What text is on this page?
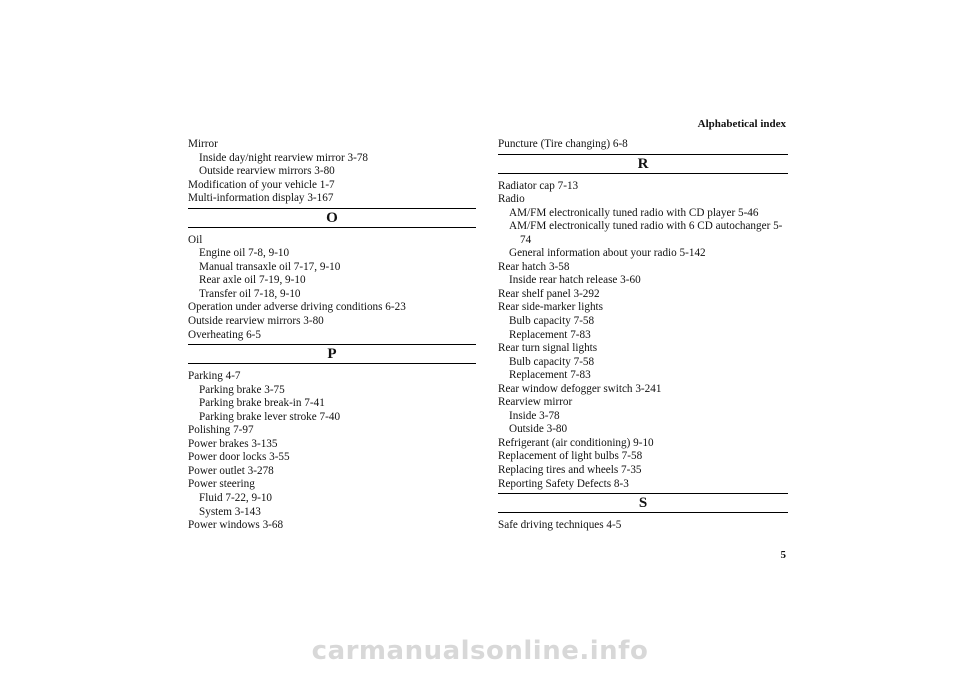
Alphabetical index
Mirror
Inside day/night rearview mirror 3-78
Outside rearview mirrors 3-80
Modification of your vehicle 1-7
Multi-information display 3-167
O
Oil
Engine oil 7-8, 9-10
Manual transaxle oil 7-17, 9-10
Rear axle oil 7-19, 9-10
Transfer oil 7-18, 9-10
Operation under adverse driving conditions 6-23
Outside rearview mirrors 3-80
Overheating 6-5
P
Parking 4-7
Parking brake 3-75
Parking brake break-in 7-41
Parking brake lever stroke 7-40
Polishing 7-97
Power brakes 3-135
Power door locks 3-55
Power outlet 3-278
Power steering
Fluid 7-22, 9-10
System 3-143
Power windows 3-68
Puncture (Tire changing) 6-8
R
Radiator cap 7-13
Radio
AM/FM electronically tuned radio with CD player 5-46
AM/FM electronically tuned radio with 6 CD autochanger 5-74
General information about your radio 5-142
Rear hatch 3-58
Inside rear hatch release 3-60
Rear shelf panel 3-292
Rear side-marker lights
Bulb capacity 7-58
Replacement 7-83
Rear turn signal lights
Bulb capacity 7-58
Replacement 7-83
Rear window defogger switch 3-241
Rearview mirror
Inside 3-78
Outside 3-80
Refrigerant (air conditioning) 9-10
Replacement of light bulbs 7-58
Replacing tires and wheels 7-35
Reporting Safety Defects 8-3
S
Safe driving techniques 4-5
5
carmanualsonline.info
